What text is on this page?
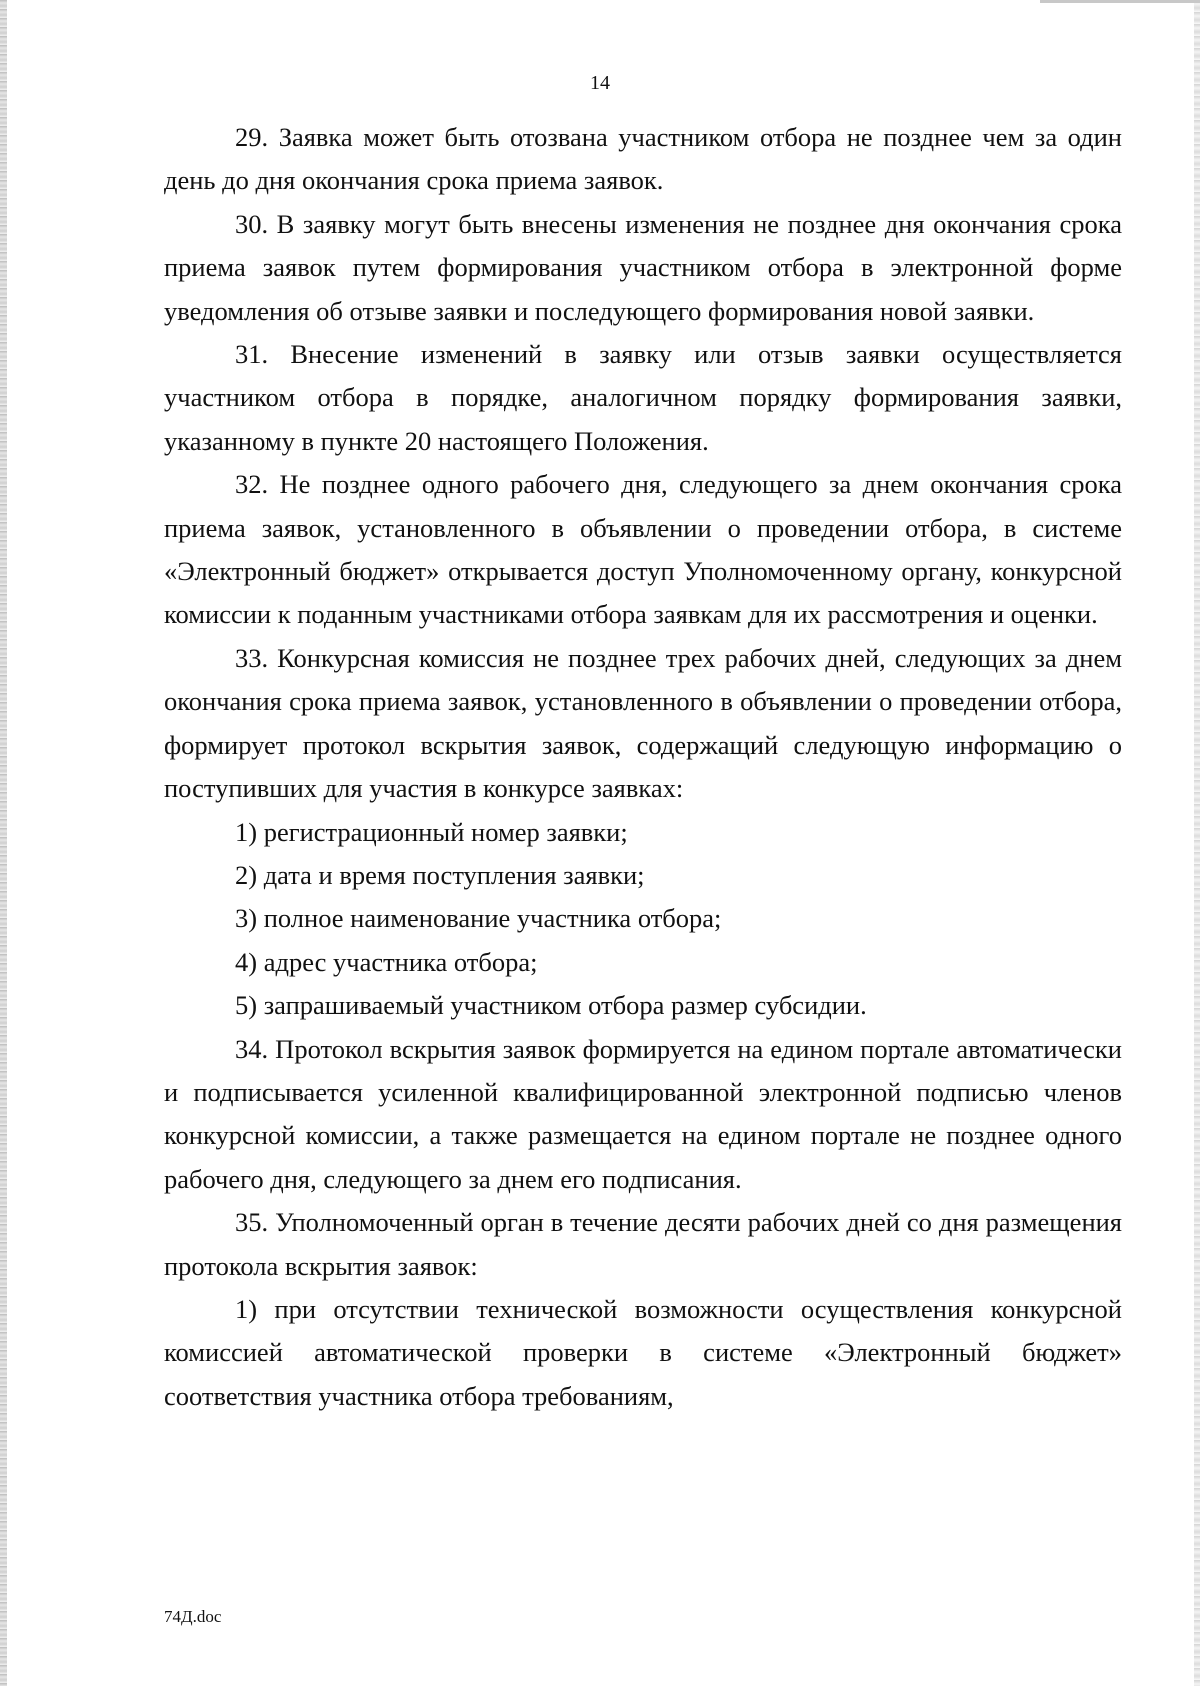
14

29. Заявка может быть отозвана участником отбора не позднее чем за один день до дня окончания срока приема заявок.

30. В заявку могут быть внесены изменения не позднее дня окончания срока приема заявок путем формирования участником отбора в электронной форме уведомления об отзыве заявки и последующего формирования новой заявки.

31. Внесение изменений в заявку или отзыв заявки осуществляется участником отбора в порядке, аналогичном порядку формирования заявки, указанному в пункте 20 настоящего Положения.

32. Не позднее одного рабочего дня, следующего за днем окончания срока приема заявок, установленного в объявлении о проведении отбора, в системе «Электронный бюджет» открывается доступ Уполномоченному органу, конкурсной комиссии к поданным участниками отбора заявкам для их рассмотрения и оценки.

33. Конкурсная комиссия не позднее трех рабочих дней, следующих за днем окончания срока приема заявок, установленного в объявлении о проведении отбора, формирует протокол вскрытия заявок, содержащий следующую информацию о поступивших для участия в конкурсе заявках:

1) регистрационный номер заявки;

2) дата и время поступления заявки;

3) полное наименование участника отбора;

4) адрес участника отбора;

5) запрашиваемый участником отбора размер субсидии.

34. Протокол вскрытия заявок формируется на едином портале автоматически и подписывается усиленной квалифицированной электронной подписью членов конкурсной комиссии, а также размещается на едином портале не позднее одного рабочего дня, следующего за днем его подписания.

35. Уполномоченный орган в течение десяти рабочих дней со дня размещения протокола вскрытия заявок:

1) при отсутствии технической возможности осуществления конкурсной комиссией автоматической проверки в системе «Электронный бюджет» соответствия участника отбора требованиям,

74Д.doc
